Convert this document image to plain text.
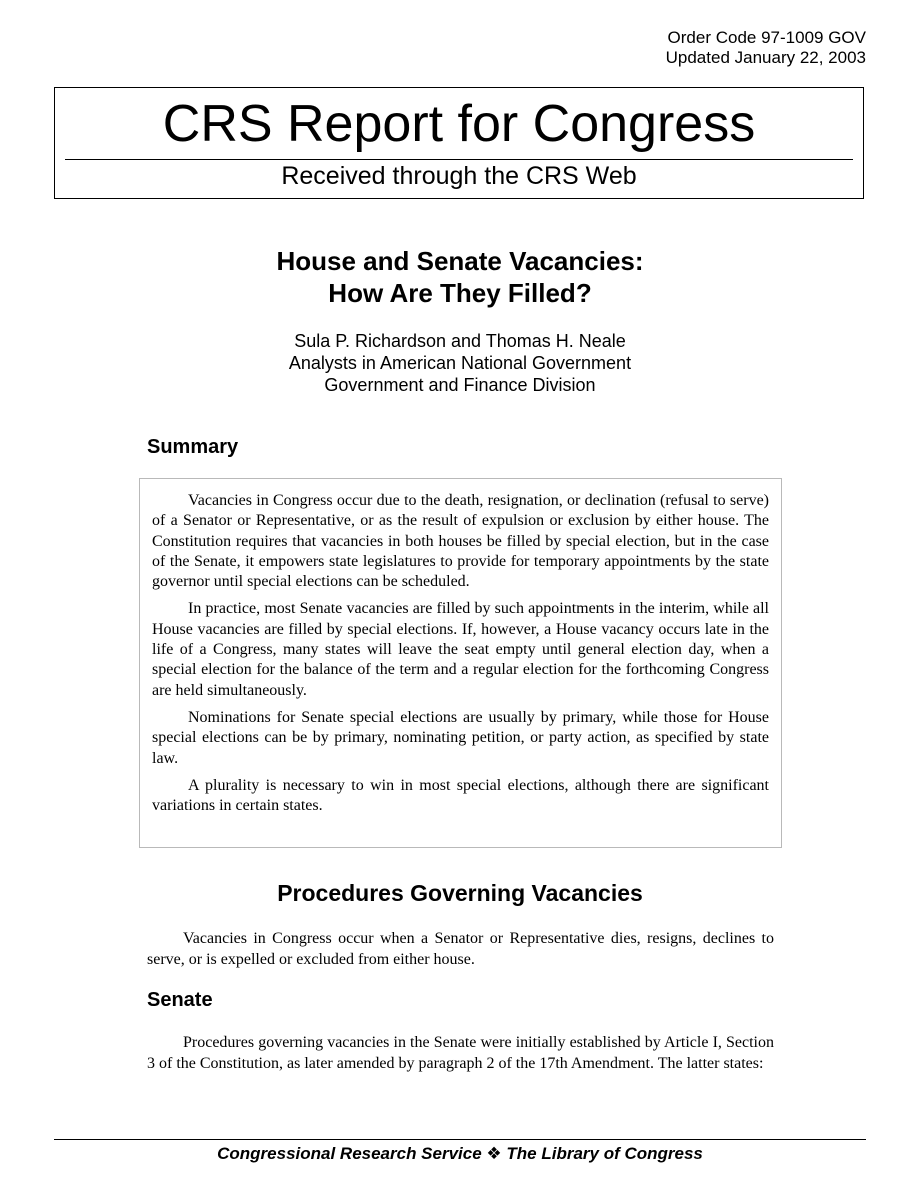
Order Code 97-1009 GOV
Updated January 22, 2003
CRS Report for Congress
Received through the CRS Web
House and Senate Vacancies:
How Are They Filled?
Sula P. Richardson and Thomas H. Neale
Analysts in American National Government
Government and Finance Division
Summary

Vacancies in Congress occur due to the death, resignation, or declination (refusal to serve) of a Senator or Representative, or as the result of expulsion or exclusion by either house. The Constitution requires that vacancies in both houses be filled by special election, but in the case of the Senate, it empowers state legislatures to provide for temporary appointments by the state governor until special elections can be scheduled.

In practice, most Senate vacancies are filled by such appointments in the interim, while all House vacancies are filled by special elections. If, however, a House vacancy occurs late in the life of a Congress, many states will leave the seat empty until general election day, when a special election for the balance of the term and a regular election for the forthcoming Congress are held simultaneously.

Nominations for Senate special elections are usually by primary, while those for House special elections can be by primary, nominating petition, or party action, as specified by state law.

A plurality is necessary to win in most special elections, although there are significant variations in certain states.

Procedures Governing Vacancies

Vacancies in Congress occur when a Senator or Representative dies, resigns, declines to serve, or is expelled or excluded from either house.

Senate

Procedures governing vacancies in the Senate were initially established by Article I, Section 3 of the Constitution, as later amended by paragraph 2 of the 17th Amendment. The latter states:

Congressional Research Service ❖ The Library of Congress
